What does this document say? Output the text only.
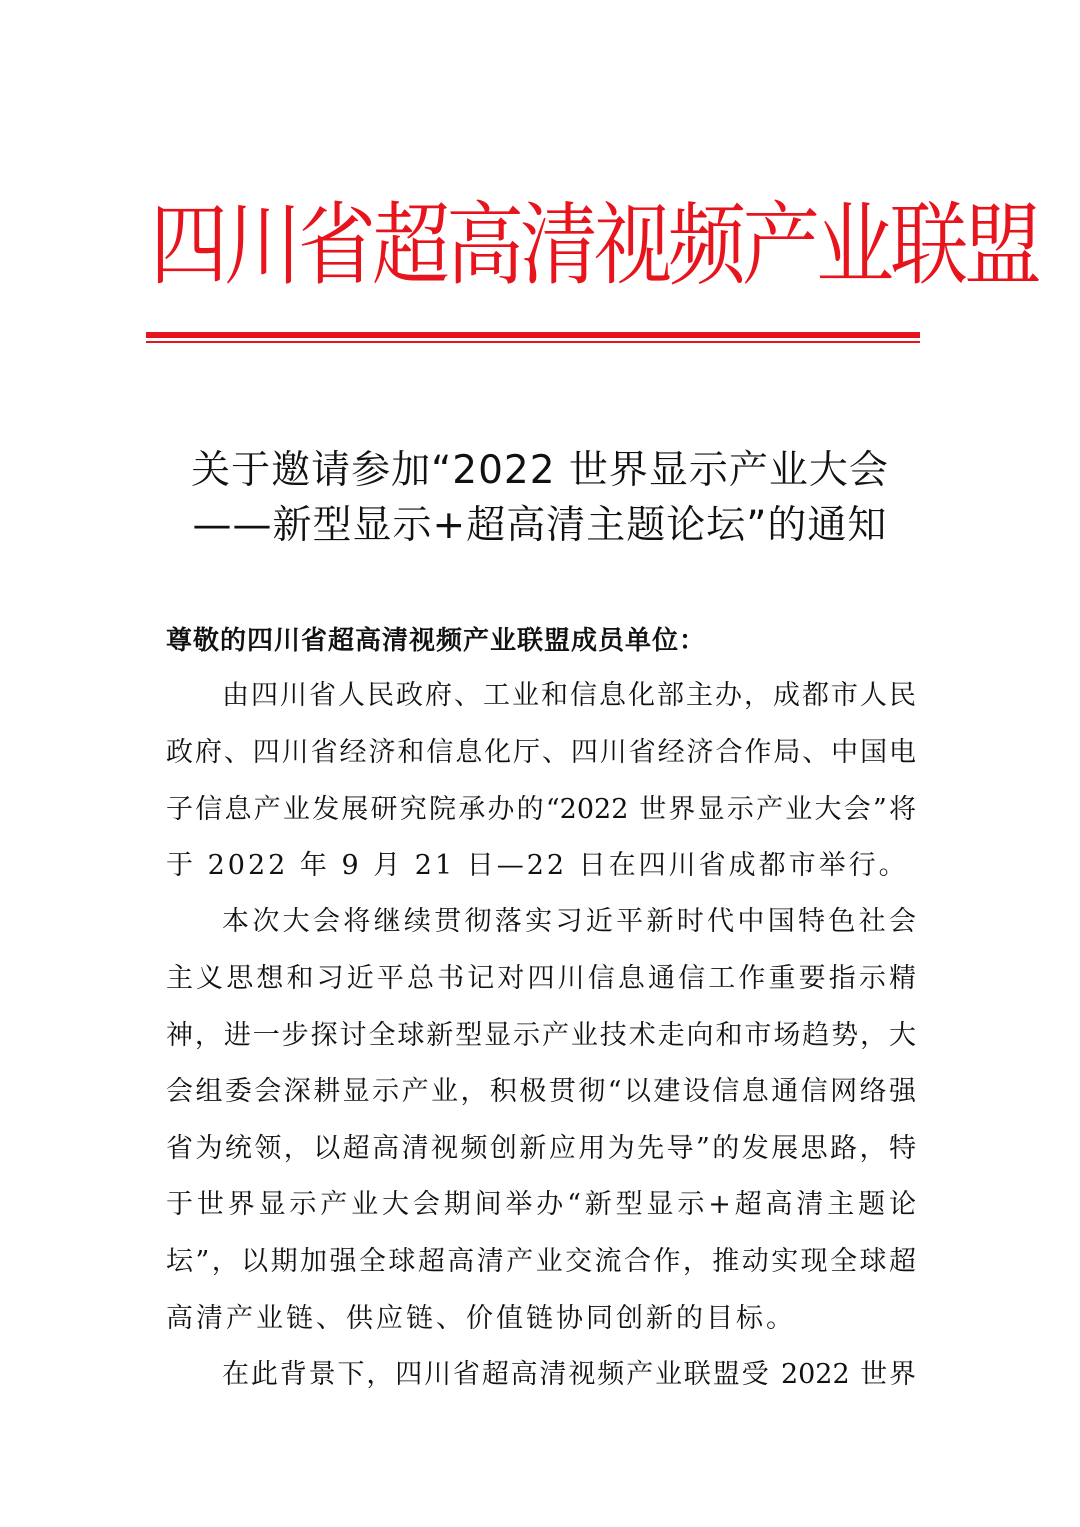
四川省超高清视频产业联盟
关于邀请参加“2022 世界显示产业大会
——新型显示+超高清主题论坛”的通知
尊敬的四川省超高清视频产业联盟成员单位：
由四川省人民政府、工业和信息化部主办，成都市人民
政府、四川省经济和信息化厅、四川省经济合作局、中国电
子信息产业发展研究院承办的“2022 世界显示产业大会”将
于 2022 年 9 月 21 日—22 日在四川省成都市举行。
本次大会将继续贯彻落实习近平新时代中国特色社会
主义思想和习近平总书记对四川信息通信工作重要指示精
神，进一步探讨全球新型显示产业技术走向和市场趋势，大
会组委会深耕显示产业，积极贯彻“以建设信息通信网络强
省为统领，以超高清视频创新应用为先导”的发展思路，特
于世界显示产业大会期间举办“新型显示+超高清主题论
坛”，以期加强全球超高清产业交流合作，推动实现全球超
高清产业链、供应链、价值链协同创新的目标。
在此背景下，四川省超高清视频产业联盟受 2022 世界
